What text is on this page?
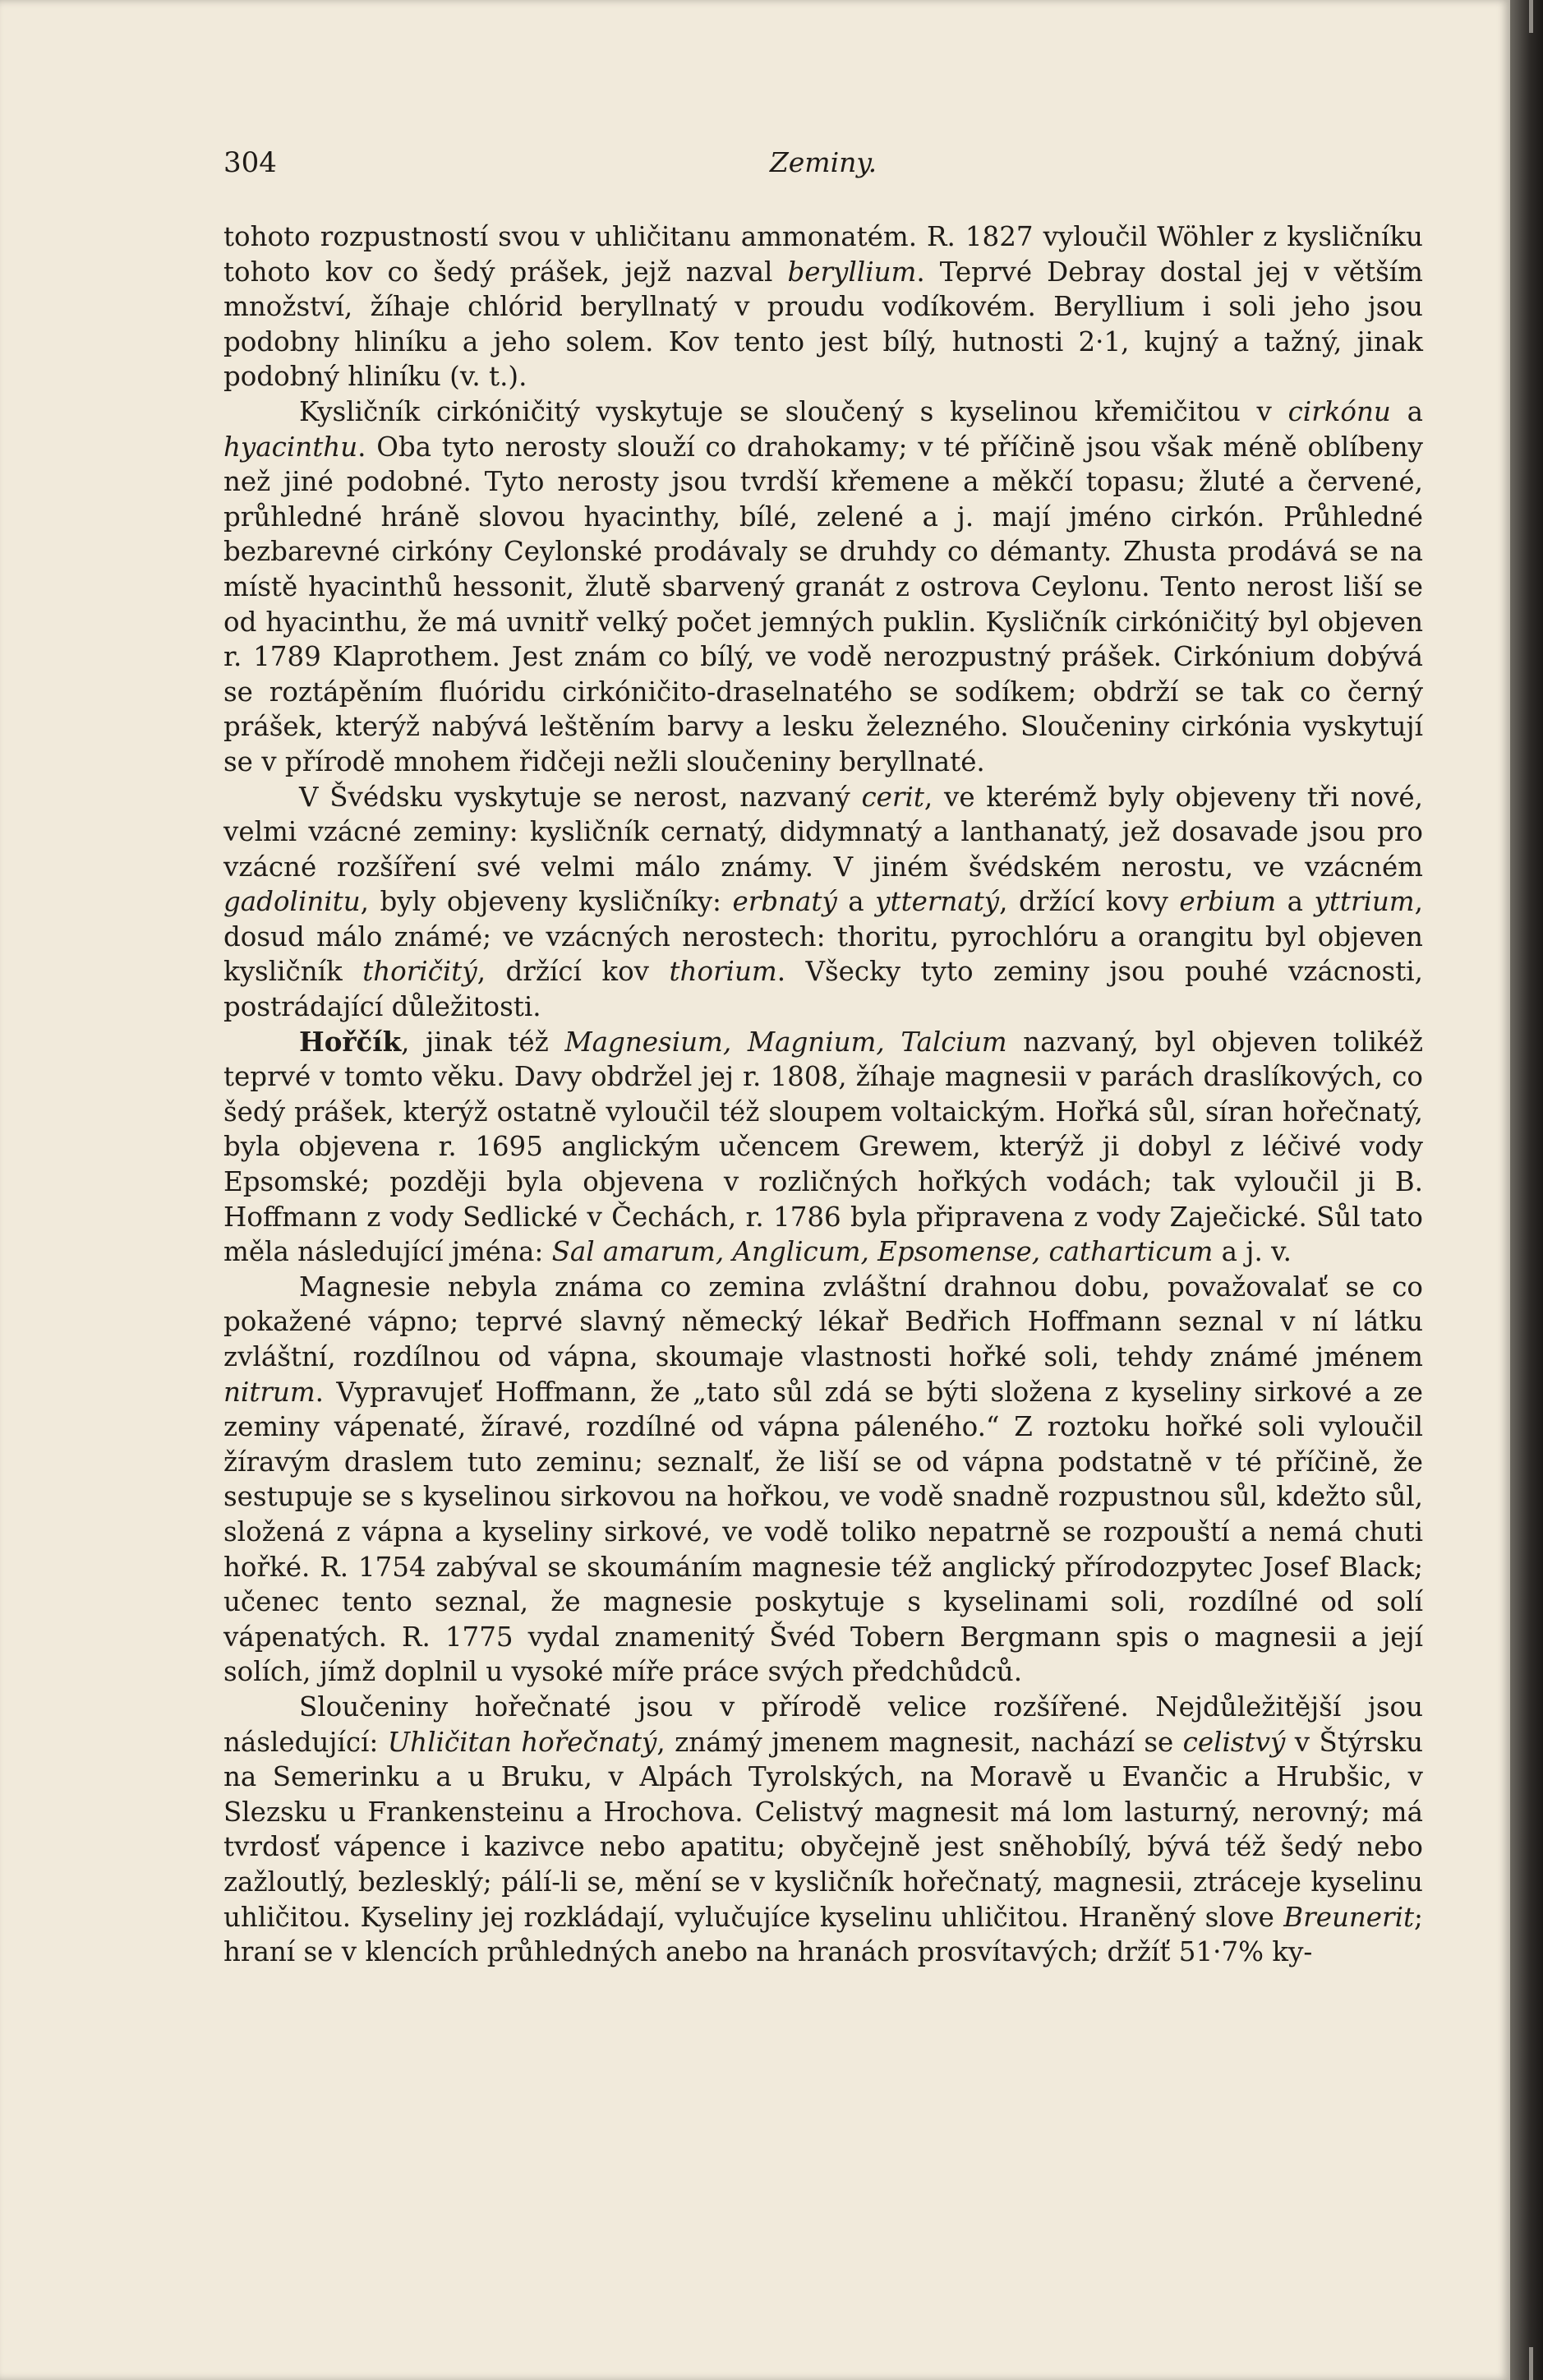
304	Zeminy.

tohoto rozpustností svou v uhličitanu ammonatém. R. 1827 vyloučil Wöhler z kysličníku tohoto kov co šedý prášek, jejž nazval beryllium. Teprvé Debray dostal jej v větším množství, žíhaje chlórid beryllnatý v proudu vodíkovém. Beryllium i soli jeho jsou podobny hliníku a jeho solem. Kov tento jest bílý, hutnosti 2·1, kujný a tažný, jinak podobný hliníku (v. t.).

Kysličník cirkóničitý vyskytuje se sloučený s kyselinou křemičitou v cirkónu a hyacinthu. Oba tyto nerosty slouží co drahokamy; v té příčině jsou však méně oblíbeny než jiné podobné. Tyto nerosty jsou tvrdší křemene a měkčí topasu; žluté a červené, průhledné hráně slovou hyacinthy, bílé, zelené a j. mají jméno cirkón. Průhledné bezbarevné cirkóny Ceylonské prodávaly se druhdy co démanty. Zhusta prodává se na místě hyacinthů hessonit, žlutě sbarvený granát z ostrova Ceylonu. Tento nerost liší se od hyacinthu, že má uvnitř velký počet jemných puklin. Kysličník cirkóničitý byl objeven r. 1789 Klaprothem. Jest znám co bílý, ve vodě nerozpustný prášek. Cirkónium dobývá se roztápěním fluóridu cirkóničito-draselnatého se sodíkem; obdrží se tak co černý prášek, kterýž nabývá leštěním barvy a lesku železného. Sloučeniny cirkónia vyskytují se v přírodě mnohem řidčeji nežli sloučeniny beryllnaté.

V Švédsku vyskytuje se nerost, nazvaný cerit, ve kterémž byly objeveny tři nové, velmi vzácné zeminy: kysličník cernatý, didymnatý a lanthanatý, jež dosavade jsou pro vzácné rozšíření své velmi málo známy. V jiném švédském nerostu, ve vzácném gadolinitu, byly objeveny kysličníky: erbnatý a ytternatý, držící kovy erbium a yttrium, dosud málo známé; ve vzácných nerostech: thoritu, pyrochlóru a orangitu byl objeven kysličník thoričitý, držící kov thorium. Všecky tyto zeminy jsou pouhé vzácnosti, postrádající důležitosti.

Hořčík, jinak též Magnesium, Magnium, Talcium nazvaný, byl objeven tolikéž teprvé v tomto věku. Davy obdržel jej r. 1808, žíhaje magnesii v parách draslíkových, co šedý prášek, kterýž ostatně vyloučil též sloupem voltaickým. Hořká sůl, síran hořečnatý, byla objevena r. 1695 anglickým učencem Grewem, kterýž ji dobyl z léčivé vody Epsomské; později byla objevena v rozličných hořkých vodách; tak vyloučil ji B. Hoffmann z vody Sedlické v Čechách, r. 1786 byla připravena z vody Zaječické. Sůl tato měla následující jména: Sal amarum, Anglicum, Epsomense, catharticum a j. v.

Magnesie nebyla známa co zemina zvláštní drahnou dobu, považovalať se co pokažené vápno; teprvé slavný německý lékař Bedřich Hoffmann seznal v ní látku zvláštní, rozdílnou od vápna, skoumaje vlastnosti hořké soli, tehdy známé jménem nitrum. Vypravujeť Hoffmann, že „tato sůl zdá se býti složena z kyseliny sirkové a ze zeminy vápenaté, žíravé, rozdílné od vápna páleného.“ Z roztoku hořké soli vyloučil žíravým draslem tuto zeminu; seznalť, že liší se od vápna podstatně v té příčině, že sestupuje se s kyselinou sirkovou na hořkou, ve vodě snadně rozpustnou sůl, kdežto sůl, složená z vápna a kyseliny sirkové, ve vodě toliko nepatrně se rozpouští a nemá chuti hořké. R. 1754 zabýval se skoumáním magnesie též anglický přírodozpytec Josef Black; učenec tento seznal, že magnesie poskytuje s kyselinami soli, rozdílné od solí vápenatých. R. 1775 vydal znamenitý Švéd Tobern Bergmann spis o magnesii a její solích, jímž doplnil u vysoké míře práce svých předchůdců.

Sloučeniny hořečnaté jsou v přírodě velice rozšířené. Nejdůležitější jsou následující: Uhličitan hořečnatý, známý jmenem magnesit, nachází se celistvý v Štýrsku na Semerinku a u Bruku, v Alpách Tyrolských, na Moravě u Evančic a Hrubšic, v Slezsku u Frankensteinu a Hrochova. Celistvý magnesit má lom lasturný, nerovný; má tvrdosť vápence i kazivce nebo apatitu; obyčejně jest sněhobílý, bývá též šedý nebo zažloutlý, bezlesklý; pálí-li se, mění se v kysličník hořečnatý, magnesii, ztráceje kyselinu uhličitou. Kyseliny jej rozkládají, vylučujíce kyselinu uhličitou. Hraněný slove Breunerit; hraní se v klencích průhledných anebo na hranách prosvítavých; držíť 51·7% ky-
